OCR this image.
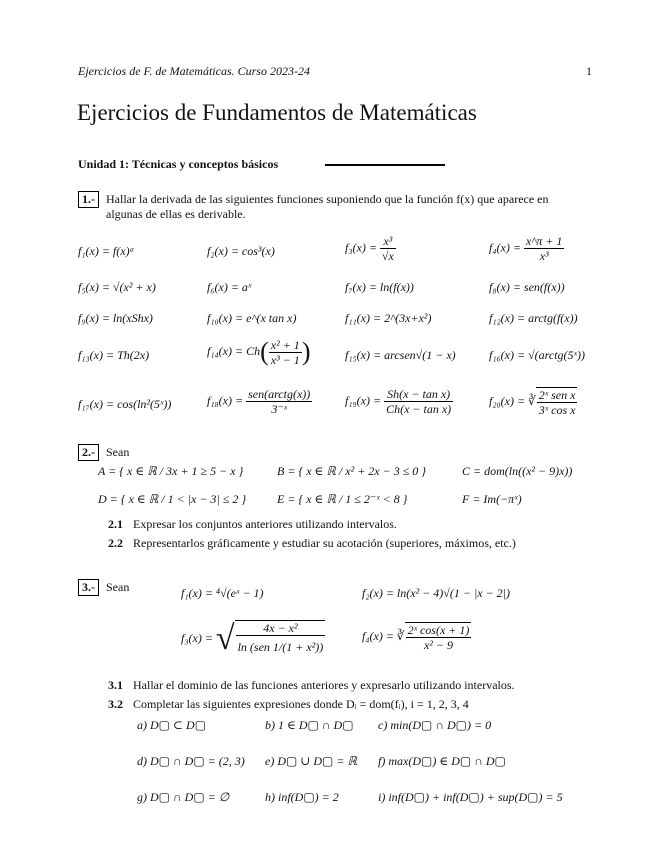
Ejercicios de F. de Matemáticas. Curso 2023-24	1
Ejercicios de Fundamentos de Matemáticas
Unidad 1: Técnicas y conceptos básicos
1.- Hallar la derivada de las siguientes funciones suponiendo que la función f(x) que aparece en
algunas de ellas es derivable.
f₁(x) = f(x)ᵃ	f₂(x) = cos³(x)	$f_3(x) = \frac{\text{x³}}{√x}$	$f_4(x) = \frac{x\^{}\pi + 1}{\text{x³}}$
f₅(x) = √(x² + x)	f₆(x) = aˣ	f₇(x) = ln(f(x))	f₈(x) = sen(f(x))
f₉(x) = ln(xShx)	f₁₀(x) = e^(x tan x)	f₁₁(x) = 2^(3x+x²)	f₁₂(x) = arctg(f(x))
f₁₃(x) = Th(2x)	$f_{14}(x) = Ch( \frac{\text{x² + 1}}{\text{x³ − 1}}$ )	f₁₅(x) = arcsen√(1 − x)	f₁₆(x) = √(arctg(5ˣ))
f₁₇(x) = cos(ln²(5ˣ))	$f_{18}(x) = \frac{\text{sen(arctg(x))}}{\text{3⁻ˣ}}$	$f_{19}(x) = \frac{\text{Sh(x − tan x)}}{\text{Ch(x − tan x)}}$	f₂₀(x) = ∛ $\frac{\text{2ˣ sen x}}{\text{3ˣ cos x}}$
2.- Sean
A = { x ∈ ℝ / 3x + 1 ≥ 5 − x }	B = { x ∈ ℝ / x² + 2x − 3 ≤ 0 }	C = dom(ln((x² − 9)x))
D = { x ∈ ℝ / 1 < |x − 3| ≤ 2 }	E = { x ∈ ℝ / 1 ≤ 2⁻ˣ < 8 }	F = Im(−πˣ)
2.1 Expresar los conjuntos anteriores utilizando intervalos.
2.2 Representarlos gráficamente y estudiar su acotación (superiores, máximos, etc.)
3.- Sean	f₁(x) = ⁴√(eˣ − 1)	f₂(x) = ln(x² − 4)√(1 − |x − 2|)
f₃(x) = √ $\frac{\text{4x − x²}}{\text{ln (sen 1/(1 + x²))}}$	f₄(x) = ∛ $\frac{\text{2ˣ cos(x + 1)}}{\text{x² − 9}}$
3.1 Hallar el dominio de las funciones anteriores y expresarlo utilizando intervalos.
3.2 Completar las siguientes expresiones donde Dᵢ = dom(fᵢ), i = 1, 2, 3, 4
a) D▢ ⊂ D▢	b) 1 ∈ D▢ ∩ D▢ c) min(D▢ ∩ D▢) = 0
d) D▢ ∩ D▢ = (2, 3) e) D▢ ∪ D▢ = ℝ f) max(D▢) ∈ D▢ ∩ D▢
g) D▢ ∩ D▢ = ∅	h) inf(D▢) = 2	i) inf(D▢) + inf(D▢) + sup(D▢) = 5
